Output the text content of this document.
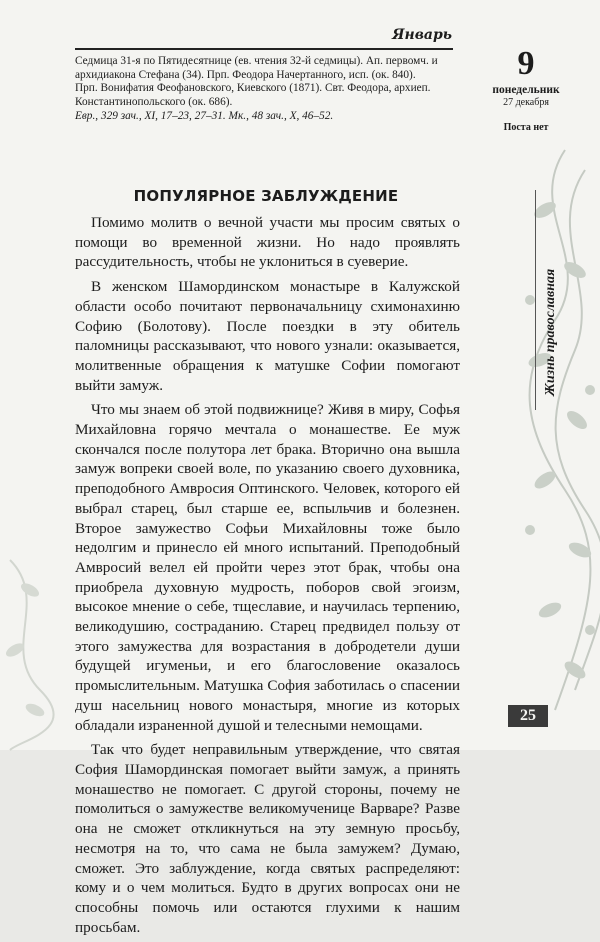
Январь

Седмица 31-я по Пятидесятнице (ев. чтения 32-й седмицы). Ап. первомч. и архидиакона Стефана (34). Прп. Феодора Начертанного, исп. (ок. 840).

Прп. Вонифатия Феофановского, Киевского (1871). Свт. Феодора, архиеп. Константинопольского (ок. 686).

Евр., 329 зач., XI, 17–23, 27–31. Мк., 48 зач., X, 46–52.

9
понедельник
27 декабря
Поста нет
Жизнь православная
ПОПУЛЯРНОЕ ЗАБЛУЖДЕНИЕ

Помимо молитв о вечной участи мы просим святых о помощи во временной жизни. Но надо проявлять рассудительность, чтобы не уклониться в суеверие.

В женском Шамординском монастыре в Калужской области особо почитают первоначальницу схимонахиню Софию (Болотову). После поездки в эту обитель паломницы рассказывают, что нового узнали: оказывается, молитвенные обращения к матушке Софии помогают выйти замуж.

Что мы знаем об этой подвижнице? Живя в миру, Софья Михайловна горячо мечтала о монашестве. Ее муж скончался после полутора лет брака. Вторично она вышла замуж вопреки своей воле, по указанию своего духовника, преподобного Амвросия Оптинского. Человек, которого ей выбрал старец, был старше ее, вспыльчив и болезнен. Второе замужество Софьи Михайловны тоже было недолгим и принесло ей много испытаний. Преподобный Амвросий велел ей пройти через этот брак, чтобы она приобрела духовную мудрость, поборов свой эгоизм, высокое мнение о себе, тщеславие, и научилась терпению, великодушию, состраданию. Старец предвидел пользу от этого замужества для возрастания в добродетели души будущей игуменьи, и его благословение оказалось промыслительным. Матушка София заботилась о спасении душ насельниц нового монастыря, многие из которых обладали израненной душой и телесными немощами.

Так что будет неправильным утверждение, что святая София Шамординская помогает выйти замуж, а принять монашество не помогает. С другой стороны, почему не помолиться о замужестве великомученице Варваре? Разве она не сможет откликнуться на эту земную просьбу, несмотря на то, что сама не была замужем? Думаю, сможет. Это заблуждение, когда святых распределяют: кому и о чем молиться. Будто в других вопросах они не способны помочь или остаются глухими к нашим просьбам.

25
